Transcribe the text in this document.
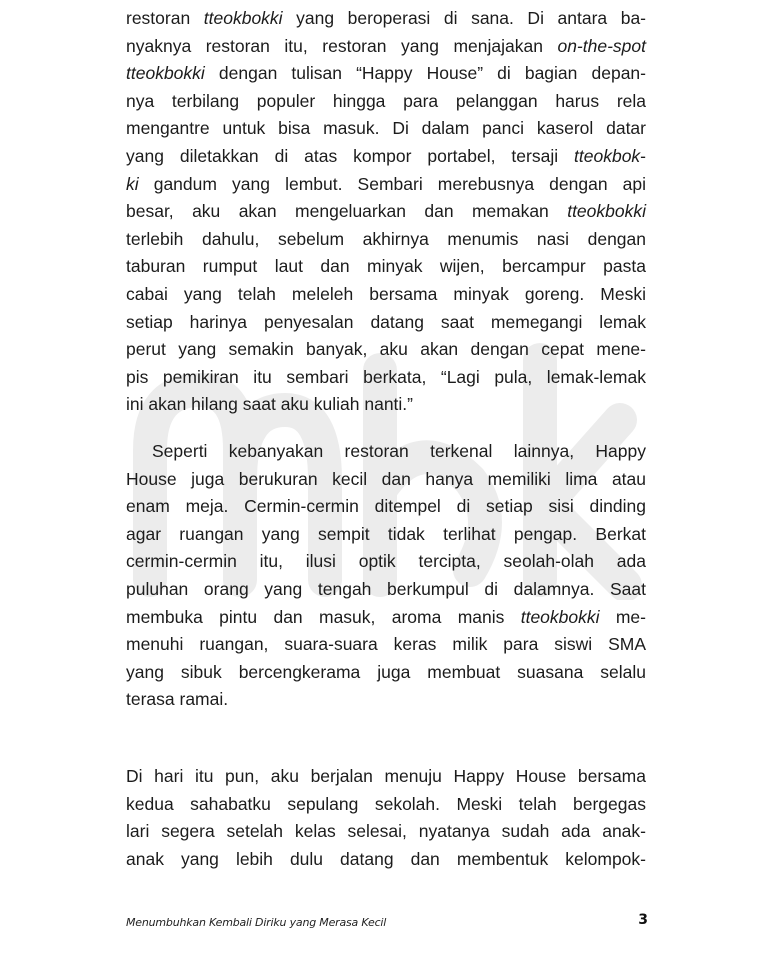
restoran tteokbokki yang beroperasi di sana. Di antara ba-

nyaknya restoran itu, restoran yang menjajakan on-the-spot

tteokbokki dengan tulisan “Happy House” di bagian depan-

nya terbilang populer hingga para pelanggan harus rela

mengantre untuk bisa masuk. Di dalam panci kaserol datar

yang diletakkan di atas kompor portabel, tersaji tteokbok-

ki gandum yang lembut. Sembari merebusnya dengan api

besar, aku akan mengeluarkan dan memakan tteokbokki

terlebih dahulu, sebelum akhirnya menumis nasi dengan

taburan rumput laut dan minyak wijen, bercampur pasta

cabai yang telah meleleh bersama minyak goreng. Meski

setiap harinya penyesalan datang saat memegangi lemak

perut yang semakin banyak, aku akan dengan cepat mene-

pis pemikiran itu sembari berkata, “Lagi pula, lemak-lemak

ini akan hilang saat aku kuliah nanti.”

Seperti kebanyakan restoran terkenal lainnya, Happy

House juga berukuran kecil dan hanya memiliki lima atau

enam meja. Cermin-cermin ditempel di setiap sisi dinding

agar ruangan yang sempit tidak terlihat pengap. Berkat

cermin-cermin itu, ilusi optik tercipta, seolah-olah ada

puluhan orang yang tengah berkumpul di dalamnya. Saat

membuka pintu dan masuk, aroma manis tteokbokki me-

menuhi ruangan, suara-suara keras milik para siswi SMA

yang sibuk bercengkerama juga membuat suasana selalu

terasa ramai.

Di hari itu pun, aku berjalan menuju Happy House bersama

kedua sahabatku sepulang sekolah. Meski telah bergegas

lari segera setelah kelas selesai, nyatanya sudah ada anak-

anak yang lebih dulu datang dan membentuk kelompok-

Menumbuhkan Kembali Diriku yang Merasa Kecil	3
